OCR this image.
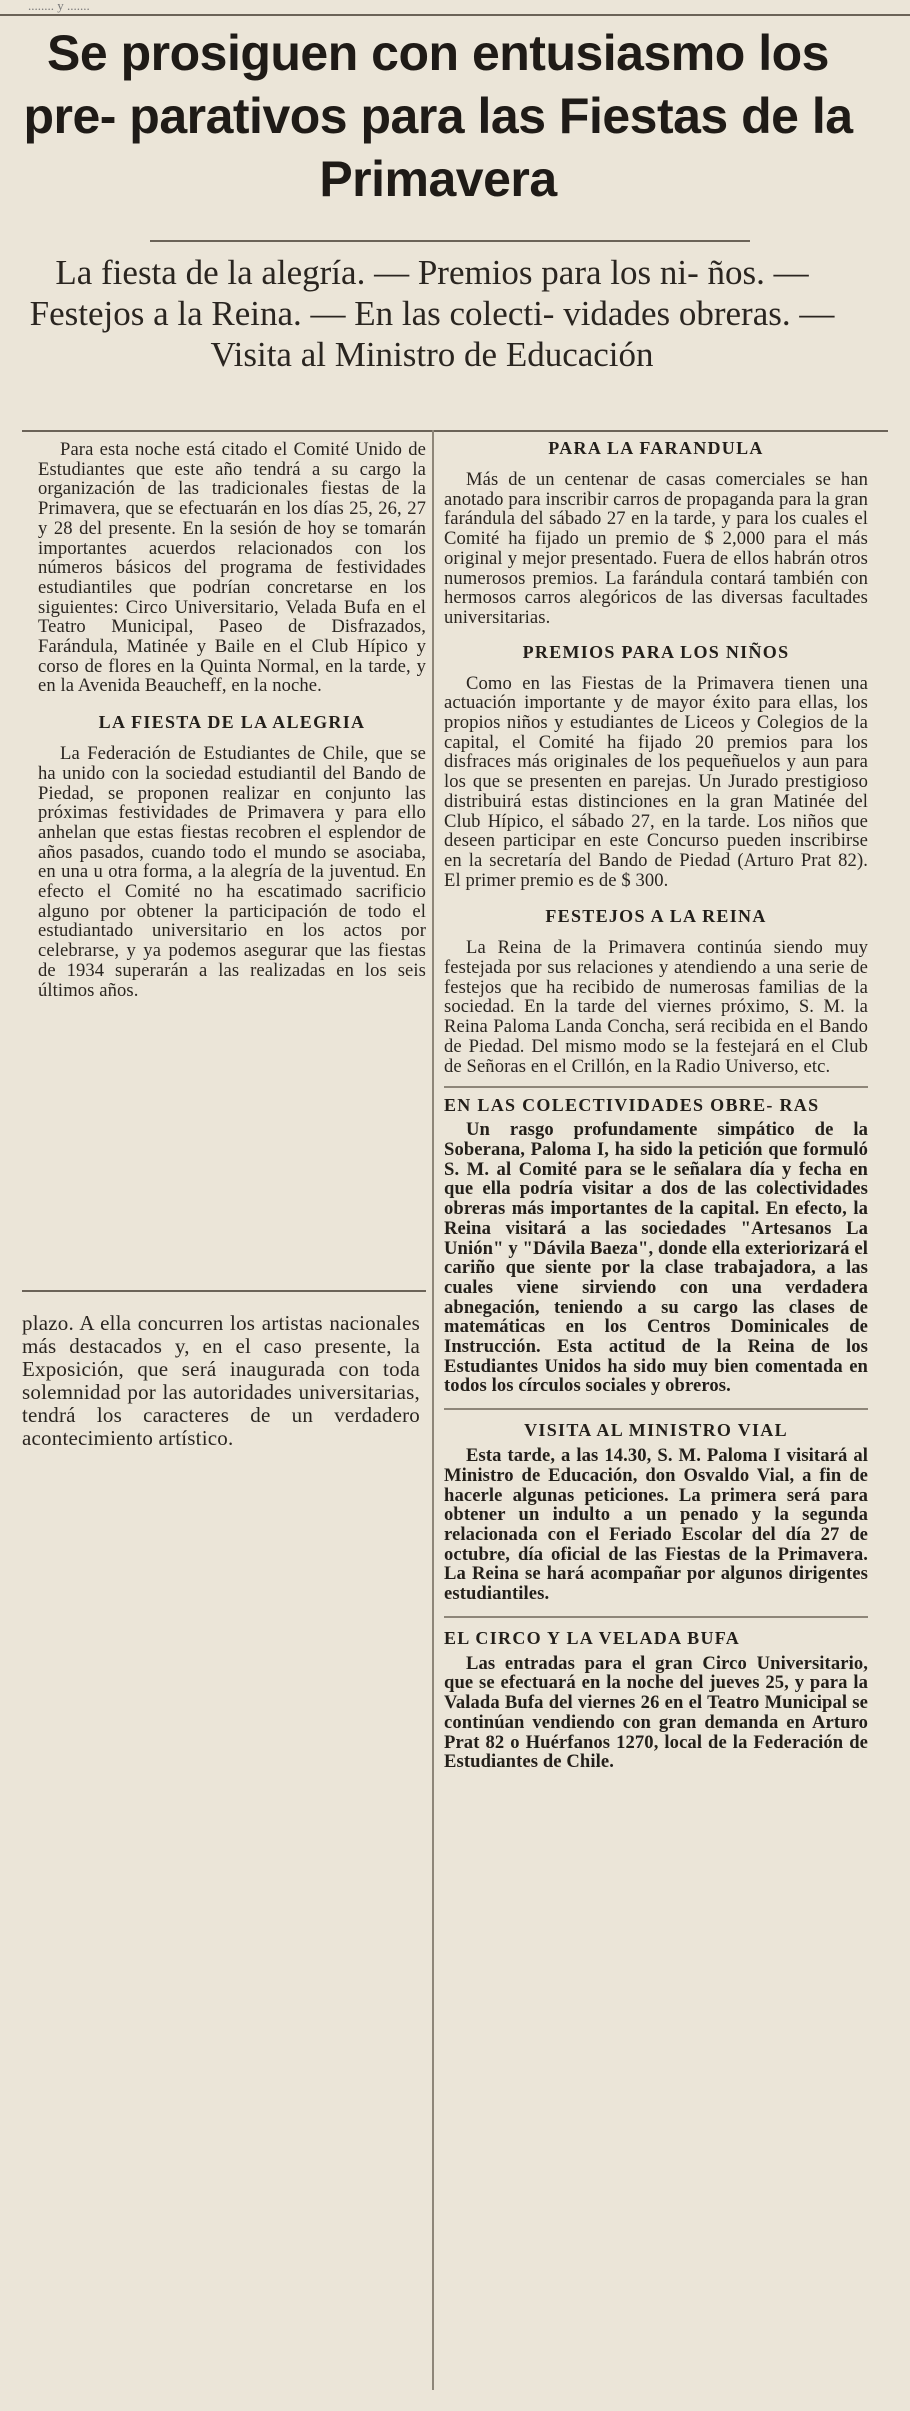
........ y .......
Se prosiguen con entusiasmo los pre- parativos para las Fiestas de la Primavera
La fiesta de la alegría. — Premios para los ni- ños. — Festejos a la Reina. — En las colecti- vidades obreras. — Visita al Ministro de Educación

Para esta noche está citado el Comité Unido de Estudiantes que este año tendrá a su cargo la organización de las tradicionales fiestas de la Primavera, que se efectuarán en los días 25, 26, 27 y 28 del presente. En la sesión de hoy se tomarán importantes acuerdos relacionados con los números básicos del programa de festividades estudiantiles que podrían concretarse en los siguientes: Circo Universitario, Velada Bufa en el Teatro Municipal, Paseo de Disfrazados, Farándula, Matinée y Baile en el Club Hípico y corso de flores en la Quinta Normal, en la tarde, y en la Avenida Beaucheff, en la noche.

LA FIESTA DE LA ALEGRIA

La Federación de Estudiantes de Chile, que se ha unido con la sociedad estudiantil del Bando de Piedad, se proponen realizar en conjunto las próximas festividades de Primavera y para ello anhelan que estas fiestas recobren el esplendor de años pasados, cuando todo el mundo se asociaba, en una u otra forma, a la alegría de la juventud. En efecto el Comité no ha escatimado sacrificio alguno por obtener la participación de todo el estudiantado universitario en los actos por celebrarse, y ya podemos asegurar que las fiestas de 1934 superarán a las realizadas en los seis últimos años.

plazo. A ella concurren los artistas nacionales más destacados y, en el caso presente, la Exposición, que será inaugurada con toda solemnidad por las autoridades universitarias, tendrá los caracteres de un verdadero acontecimiento artístico.

PARA LA FARANDULA

Más de un centenar de casas comerciales se han anotado para inscribir carros de propaganda para la gran farándula del sábado 27 en la tarde, y para los cuales el Comité ha fijado un premio de $ 2,000 para el más original y mejor presentado. Fuera de ellos habrán otros numerosos premios. La farándula contará también con hermosos carros alegóricos de las diversas facultades universitarias.

PREMIOS PARA LOS NIÑOS

Como en las Fiestas de la Primavera tienen una actuación importante y de mayor éxito para ellas, los propios niños y estudiantes de Liceos y Colegios de la capital, el Comité ha fijado 20 premios para los disfraces más originales de los pequeñuelos y aun para los que se presenten en parejas. Un Jurado prestigioso distribuirá estas distinciones en la gran Matinée del Club Hípico, el sábado 27, en la tarde. Los niños que deseen participar en este Concurso pueden inscribirse en la secretaría del Bando de Piedad (Arturo Prat 82). El primer premio es de $ 300.

FESTEJOS A LA REINA

La Reina de la Primavera continúa siendo muy festejada por sus relaciones y atendiendo a una serie de festejos que ha recibido de numerosas familias de la sociedad. En la tarde del viernes próximo, S. M. la Reina Paloma Landa Concha, será recibida en el Bando de Piedad. Del mismo modo se la festejará en el Club de Señoras en el Crillón, en la Radio Universo, etc.

EN LAS COLECTIVIDADES OBRE- RAS

Un rasgo profundamente simpático de la Soberana, Paloma I, ha sido la petición que formuló S. M. al Comité para se le señalara día y fecha en que ella podría visitar a dos de las colectividades obreras más importantes de la capital. En efecto, la Reina visitará a las sociedades "Artesanos La Unión" y "Dávila Baeza", donde ella exteriorizará el cariño que siente por la clase trabajadora, a las cuales viene sirviendo con una verdadera abnegación, teniendo a su cargo las clases de matemáticas en los Centros Dominicales de Instrucción. Esta actitud de la Reina de los Estudiantes Unidos ha sido muy bien comentada en todos los círculos sociales y obreros.

VISITA AL MINISTRO VIAL

Esta tarde, a las 14.30, S. M. Paloma I visitará al Ministro de Educación, don Osvaldo Vial, a fin de hacerle algunas peticiones. La primera será para obtener un indulto a un penado y la segunda relacionada con el Feriado Escolar del día 27 de octubre, día oficial de las Fiestas de la Primavera. La Reina se hará acompañar por algunos dirigentes estudiantiles.

EL CIRCO Y LA VELADA BUFA

Las entradas para el gran Circo Universitario, que se efectuará en la noche del jueves 25, y para la Valada Bufa del viernes 26 en el Teatro Municipal se continúan vendiendo con gran demanda en Arturo Prat 82 o Huérfanos 1270, local de la Federación de Estudiantes de Chile.
